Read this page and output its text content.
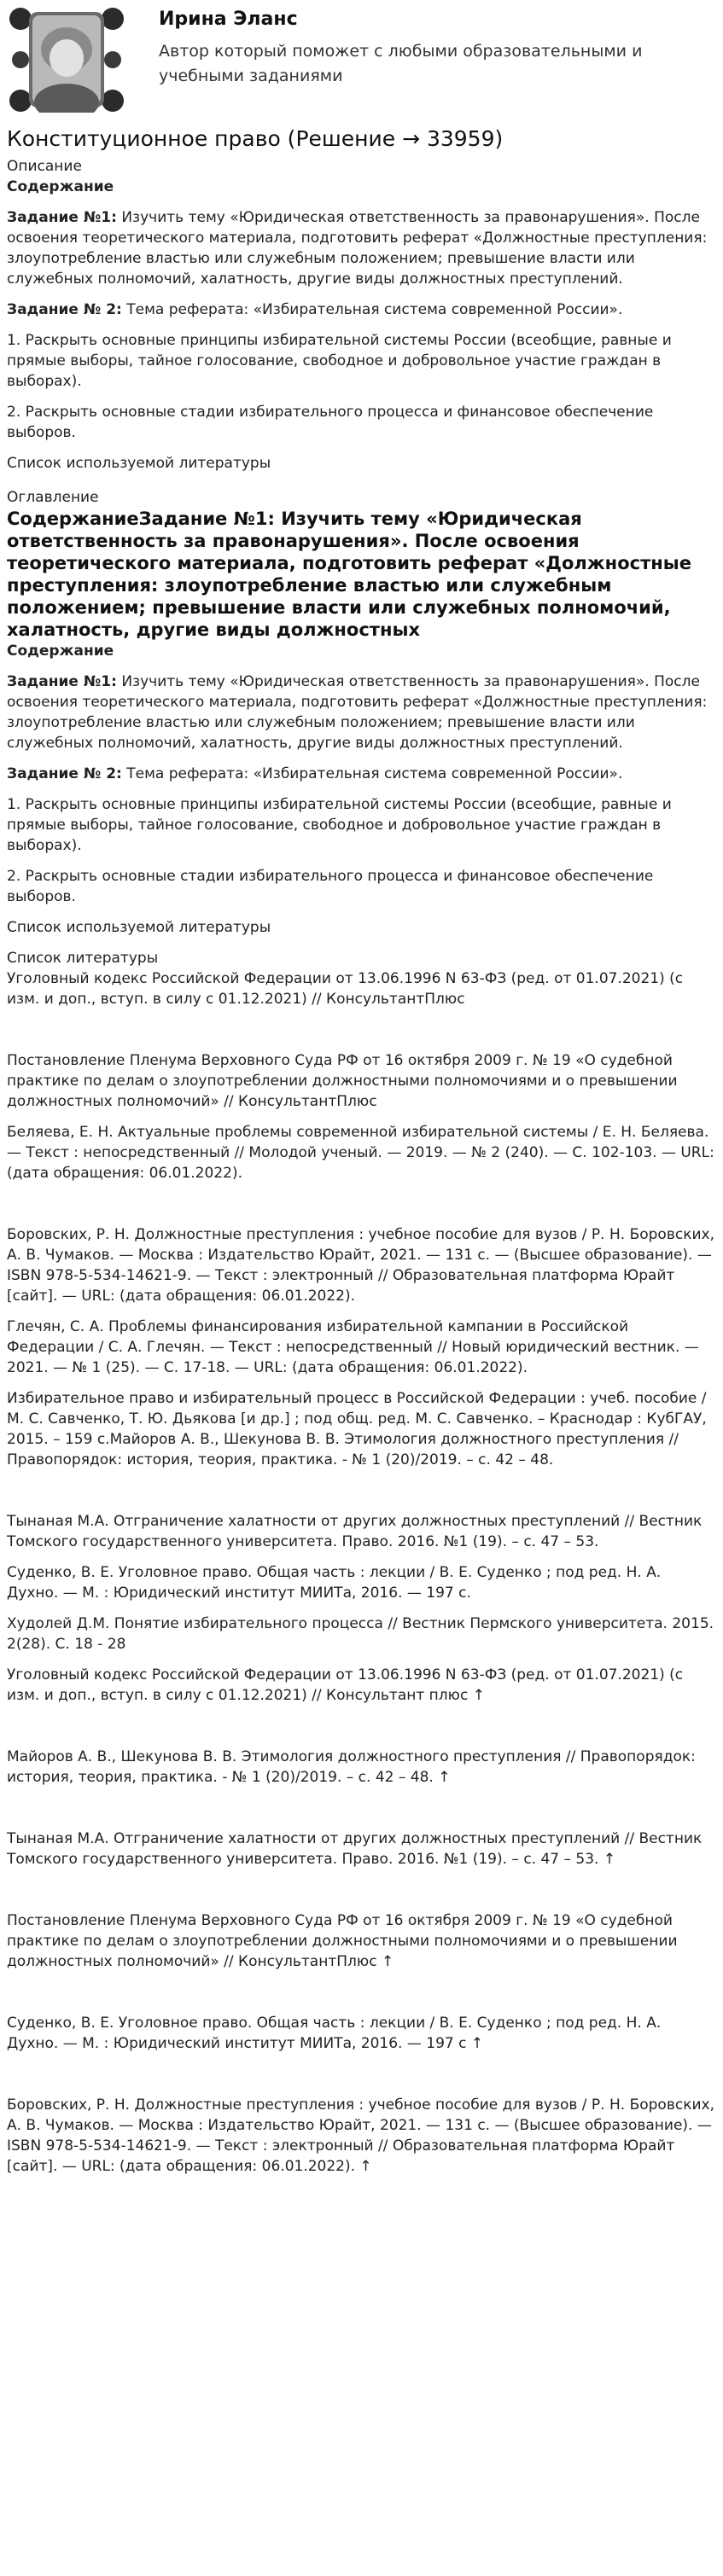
Ирина Эланс
Автор который поможет с любыми образовательными и учебными заданиями
Конституционное право (Решение → 33959)
Описание
Содержание

Задание №1: Изучить тему «Юридическая ответственность за правонарушения». После освоения теоретического материала, подготовить реферат «Должностные преступления: злоупотребление властью или служебным положением; превышение власти или служебных полномочий, халатность, другие виды должностных преступлений.

Задание № 2: Тема реферата: «Избирательная система современной России».

1. Раскрыть основные принципы избирательной системы России (всеобщие, равные и прямые выборы, тайное голосование, свободное и добровольное участие граждан в выборах).

2. Раскрыть основные стадии избирательного процесса и финансовое обеспечение выборов.

Список используемой литературы

Оглавление

СодержаниеЗадание №1: Изучить тему «Юридическая ответственность за правонарушения». После освоения теоретического материала, подготовить реферат «Должностные преступления: злоупотребление властью или служебным положением; превышение власти или служебных полномочий, халатность, другие виды должностных

Содержание

Задание №1: Изучить тему «Юридическая ответственность за правонарушения». После освоения теоретического материала, подготовить реферат «Должностные преступления: злоупотребление властью или служебным положением; превышение власти или служебных полномочий, халатность, другие виды должностных преступлений.

Задание № 2: Тема реферата: «Избирательная система современной России».

1. Раскрыть основные принципы избирательной системы России (всеобщие, равные и прямые выборы, тайное голосование, свободное и добровольное участие граждан в выборах).

2. Раскрыть основные стадии избирательного процесса и финансовое обеспечение выборов.

Список используемой литературы

Список литературы

Уголовный кодекс Российской Федерации от 13.06.1996 N 63-ФЗ (ред. от 01.07.2021) (с изм. и доп., вступ. в силу с 01.12.2021) // КонсультантПлюс

Постановление Пленума Верховного Суда РФ от 16 октября 2009 г. № 19 «О судебной практике по делам о злоупотреблении должностными полномочиями и о превышении должностных полномочий» // КонсультантПлюс

Беляева, Е. Н. Актуальные проблемы современной избирательной системы / Е. Н. Беляева. — Текст : непосредственный // Молодой ученый. — 2019. — № 2 (240). — С. 102-103. — URL: (дата обращения: 06.01.2022).

Боровских, Р. Н. Должностные преступления : учебное пособие для вузов / Р. Н. Боровских, А. В. Чумаков. — Москва : Издательство Юрайт, 2021. — 131 с. — (Высшее образование). — ISBN 978-5-534-14621-9. — Текст : электронный // Образовательная платформа Юрайт [сайт]. — URL: (дата обращения: 06.01.2022).

Глечян, С. А. Проблемы финансирования избирательной кампании в Российской Федерации / С. А. Глечян. — Текст : непосредственный // Новый юридический вестник. — 2021. — № 1 (25). — С. 17-18. — URL: (дата обращения: 06.01.2022).

Избирательное право и избирательный процесс в Российской Федерации : учеб. пособие / М. С. Савченко, Т. Ю. Дьякова [и др.] ; под общ. ред. М. С. Савченко. – Краснодар : КубГАУ, 2015. – 159 с.Майоров А. В., Шекунова В. В. Этимология должностного преступления // Правопорядок: история, теория, практика. - № 1 (20)/2019. – с. 42 – 48.

Тынаная М.А. Отграничение халатности от других должностных преступлений // Вестник Томского государственного университета. Право. 2016. №1 (19). – с. 47 – 53.

Суденко, В. Е. Уголовное право. Общая часть : лекции / В. Е. Суденко ; под ред. Н. А. Духно. — М. : Юридический институт МИИТа, 2016. — 197 с.

Худолей Д.М. Понятие избирательного процесса // Вестник Пермского университета. 2015. 2(28). С. 18 - 28

Уголовный кодекс Российской Федерации от 13.06.1996 N 63-ФЗ (ред. от 01.07.2021) (с изм. и доп., вступ. в силу с 01.12.2021) // Консультант плюс ↑

Майоров А. В., Шекунова В. В. Этимология должностного преступления // Правопорядок: история, теория, практика. - № 1 (20)/2019. – с. 42 – 48. ↑

Тынаная М.А. Отграничение халатности от других должностных преступлений // Вестник Томского государственного университета. Право. 2016. №1 (19). – с. 47 – 53. ↑

Постановление Пленума Верховного Суда РФ от 16 октября 2009 г. № 19 «О судебной практике по делам о злоупотреблении должностными полномочиями и о превышении должностных полномочий» // КонсультантПлюс ↑

Суденко, В. Е. Уголовное право. Общая часть : лекции / В. Е. Суденко ; под ред. Н. А. Духно. — М. : Юридический институт МИИТа, 2016. — 197 с ↑

Боровских, Р. Н. Должностные преступления : учебное пособие для вузов / Р. Н. Боровских, А. В. Чумаков. — Москва : Издательство Юрайт, 2021. — 131 с. — (Высшее образование). — ISBN 978-5-534-14621-9. — Текст : электронный // Образовательная платформа Юрайт [сайт]. — URL: (дата обращения: 06.01.2022). ↑
